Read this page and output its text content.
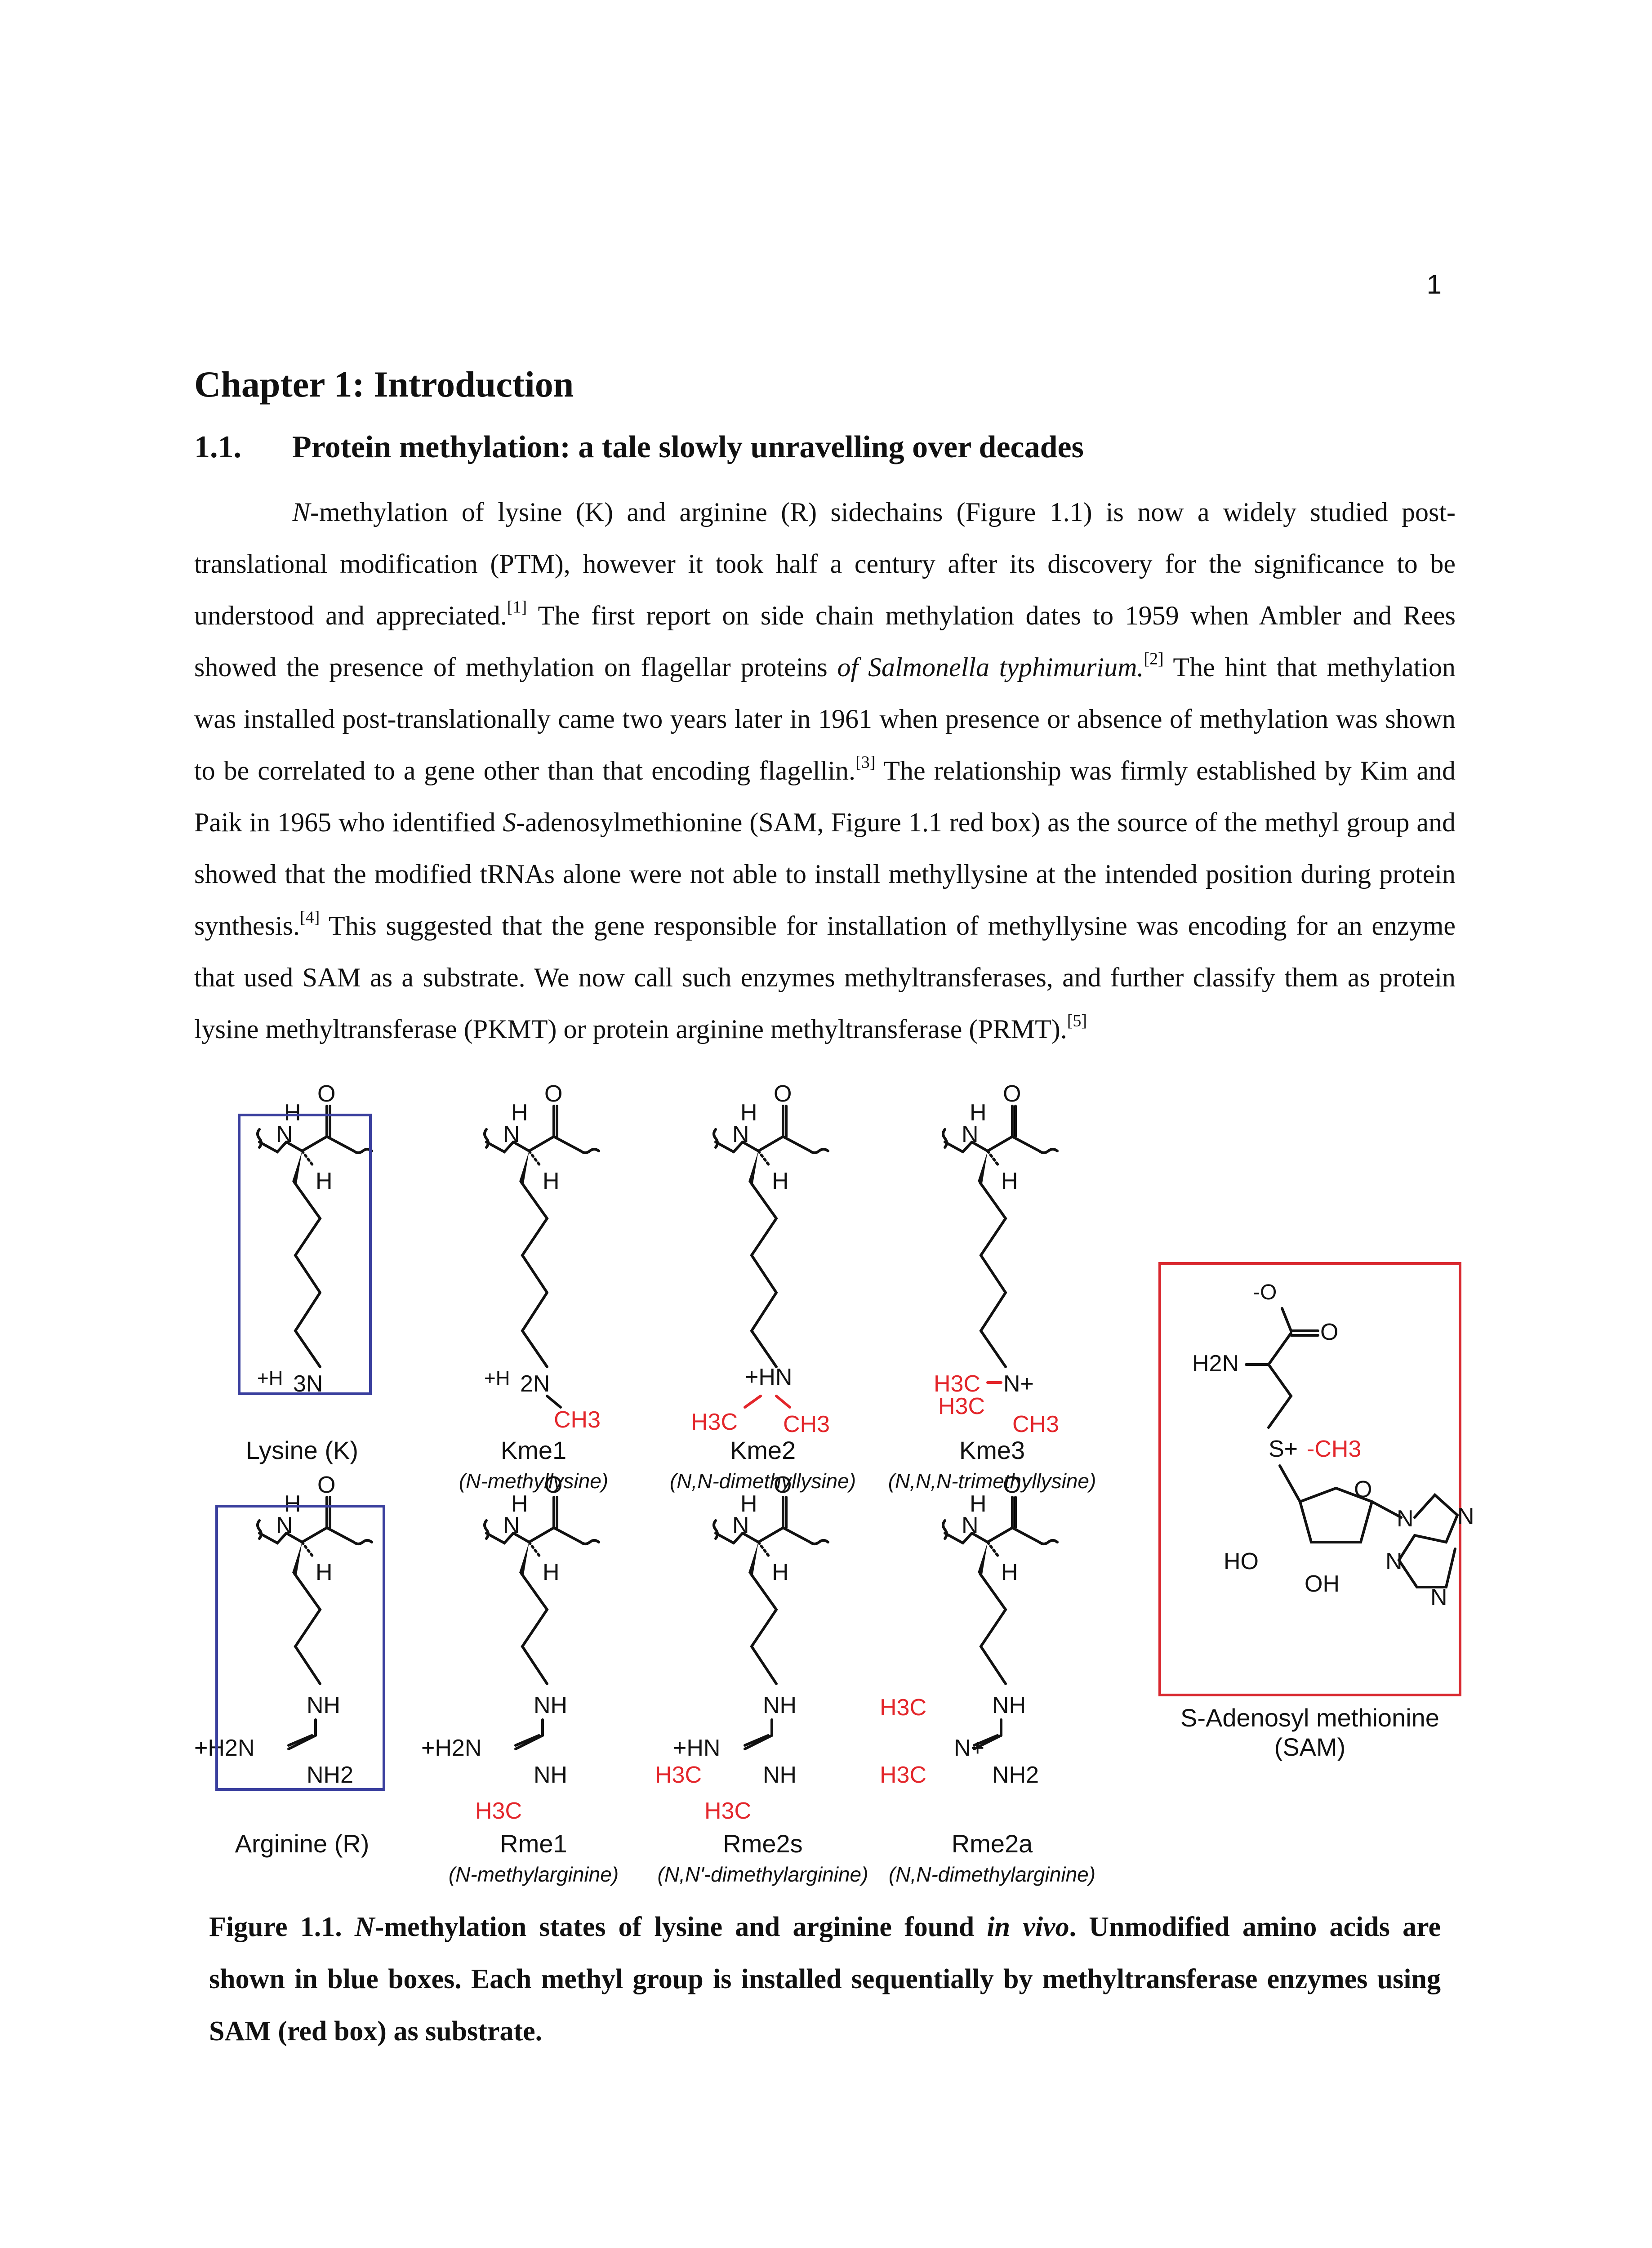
1
Chapter 1: Introduction
1.1. Protein methylation: a tale slowly unravelling over decades

N-methylation of lysine (K) and arginine (R) sidechains (Figure 1.1) is now a widely studied post-translational modification (PTM), however it took half a century after its discovery for the significance to be understood and appreciated.[1] The first report on side chain methylation dates to 1959 when Ambler and Rees showed the presence of methylation on flagellar proteins of Salmonella typhimurium.[2] The hint that methylation was installed post-translationally came two years later in 1961 when presence or absence of methylation was shown to be correlated to a gene other than that encoding flagellin.[3] The relationship was firmly established by Kim and Paik in 1965 who identified S-adenosylmethionine (SAM, Figure 1.1 red box) as the source of the methyl group and showed that the modified tRNAs alone were not able to install methyllysine at the intended position during protein synthesis.[4] This suggested that the gene responsible for installation of methyllysine was encoding for an enzyme that used SAM as a substrate. We now call such enzymes methyltransferases, and further classify them as protein lysine methyltransferase (PKMT) or protein arginine methyltransferase (PRMT).[5]

H
N
O
H
+H 3N	+H 2N
CH3
+HN
H3C CH3
H3C N+
H3C
CH3
NH
+H2N
NH2
NH
+H2N
NH
H3C
NH
+HN
NH
H3C
H3C
NH
H3C
N+
H3C	NH2
-O
O
H2N
S+ -CH3
O
HO
OH
N N
N
N
Lysine (K)	Kme1
(N-methyllysine)
Kme2
(N,N-dimethyllysine)
Kme3
(N,N,N-trimethyllysine)
Arginine (R)	Rme1
(N-methylarginine)
Rme2s
(N,N'-dimethylarginine)
Rme2a
(N,N-dimethylarginine)
S-Adenosyl methionine
(SAM)

Figure 1.1. N-methylation states of lysine and arginine found in vivo. Unmodified amino acids are shown in blue boxes. Each methyl group is installed sequentially by methyltransferase enzymes using SAM (red box) as substrate.
